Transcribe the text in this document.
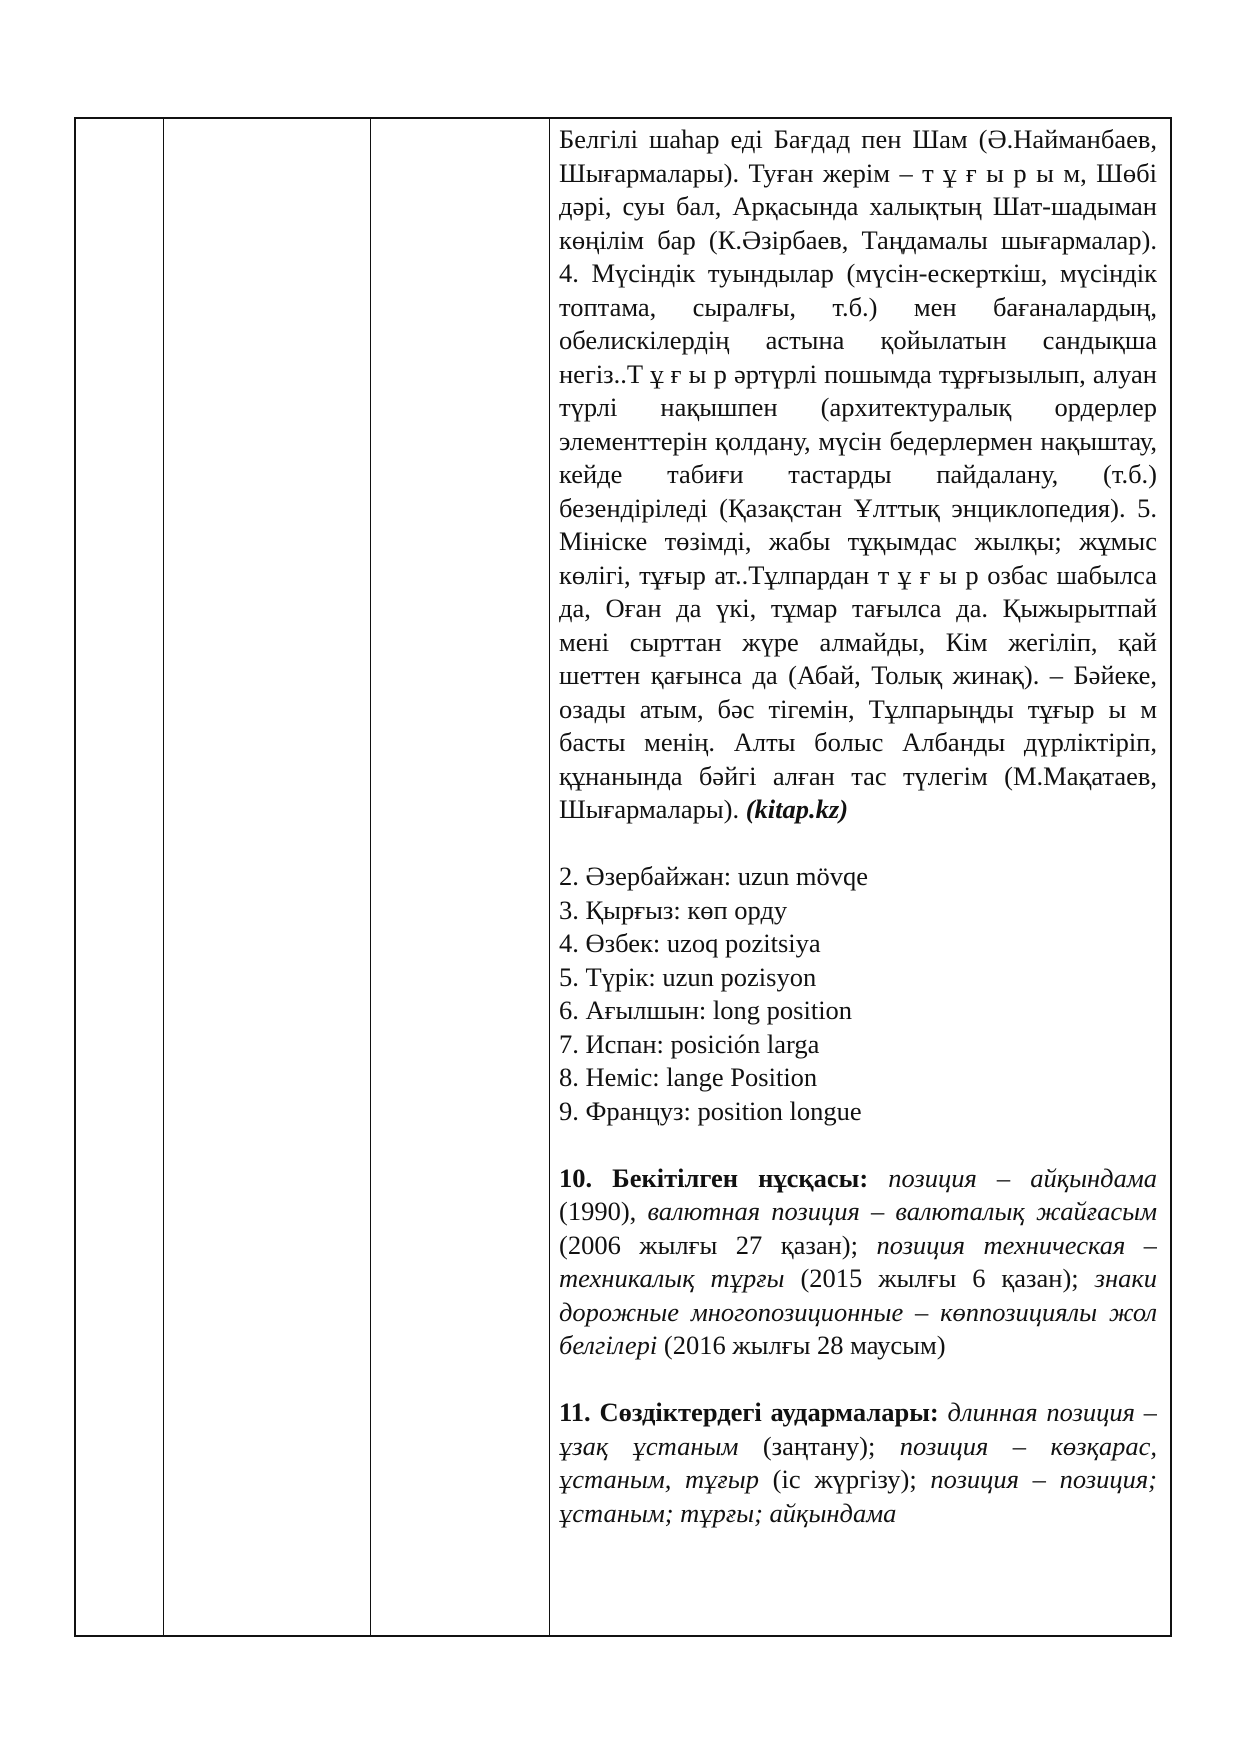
Белгілі шаһар еді Бағдад пен Шам (Ә.Найманбаев, Шығармалары). Туған жерім – т ұ ғ ы р ы м, Шөбі дәрі, суы бал, Арқасында халықтың Шат-шадыман көңілім бар (К.Әзірбаев, Таңдамалы шығармалар). 4. Мүсіндік туындылар (мүсін-ескерткіш, мүсіндік топтама, сыралғы, т.б.) мен бағаналардың, обелискілердің астына қойылатын сандықша негіз..Т ұ ғ ы р әртүрлі пошымда тұрғызылып, алуан түрлі нақышпен (архитектуралық ордерлер элементтерін қолдану, мүсін бедерлермен нақыштау, кейде табиғи тастарды пайдалану, (т.б.) безендіріледі (Қазақстан Ұлттық энциклопедия). 5. Мініске төзімді, жабы тұқымдас жылқы; жұмыс көлігі, тұғыр ат..Тұлпардан т ұ ғ ы р озбас шабылса да, Оған да үкі, тұмар тағылса да. Қыжырытпай мені сырттан жүре алмайды, Кім жегіліп, қай шеттен қағынса да (Абай, Толық жинақ). – Бәйеке, озады атым, бәс тігемін, Тұлпарыңды тұғыр ы м басты менің. Алты болыс Албанды дүрліктіріп, құнанында бәйгі алған тас түлегім (М.Мақатаев, Шығармалары). (kitap.kz)

2. Әзербайжан: uzun mövqe
3. Қырғыз: көп орду
4. Өзбек: uzoq pozitsiya
5. Түрік: uzun pozisyon
6. Ағылшын: long position
7. Испан: posición larga
8. Неміс: lange Position
9. Француз: position longue

10. Бекітілген нұсқасы: позиция – айқындама (1990), валютная позиция – валюталық жайғасым (2006 жылғы 27 қазан); позиция техническая – техникалық тұрғы (2015 жылғы 6 қазан); знаки дорожные многопозиционные – көппозициялы жол белгілері (2016 жылғы 28 маусым)

11. Сөздіктердегі аудармалары: длинная позиция – ұзақ ұстаным (заңтану); позиция – көзқарас, ұстаным, тұғыр (іс жүргізу); позиция – позиция; ұстаным; тұрғы; айқындама
